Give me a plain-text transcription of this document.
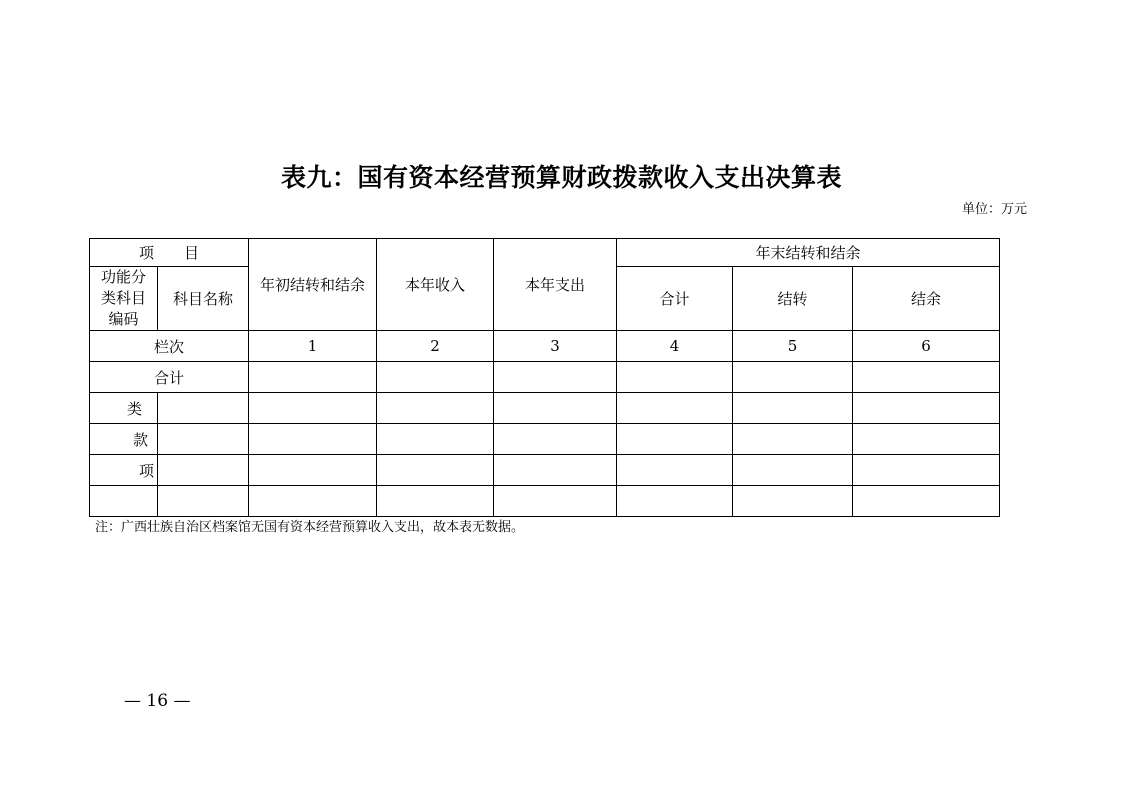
表九：国有资本经营预算财政拨款收入支出决算表
单位：万元
项　　目		年初结转和结余	本年收入	本年支出	年末结转和结余		

功能分
类科目
编码	科目名称				合计	结转	结余
栏次		1	2	3	4	5	6
合计							
类							
款							
项							

注：广西壮族自治区档案馆无国有资本经营预算收入支出，故本表无数据。
— 16 —
